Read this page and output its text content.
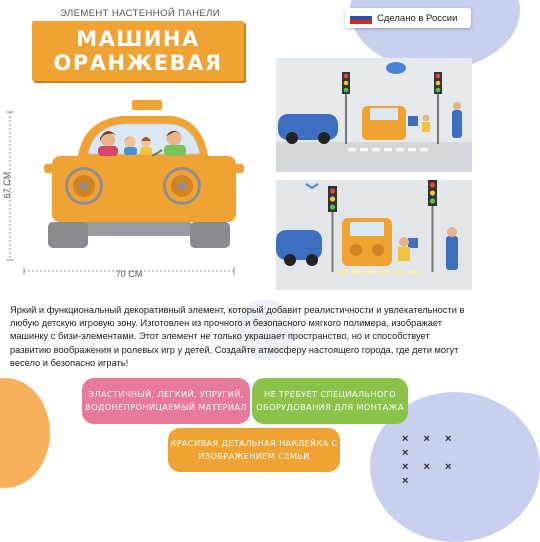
ЭЛЕМЕНТ НАСТЕННОЙ ПАНЕЛИ
МАШИНА
ОРАНЖЕВАЯ
Сделано в России
67 СМ
70 СМ

Яркий и функциональный декоративный элемент, который добавит реалистичности и увлекательности в любую детскую игровую зону. Изготовлен из прочного и безопасного мягкого полимера, изображает машинку с бизи-элементами. Этот элемент не только украшает пространство, но и способствует развитию воображения и ролевых игр у детей. Создайте атмосферу настоящего города, где дети могут весело и безопасно играть!

ЭЛАСТИЧНЫЙ, ЛЕГКИЙ, УПРУГИЙ,
ВОДОНЕПРОНИЦАЕМЫЙ МАТЕРИАЛ
НЕ ТРЕБУЕТ СПЕЦИАЛЬНОГО
ОБОРУДОВАНИЯ ДЛЯ МОНТАЖА
КРАСИВАЯ ДЕТАЛЬНАЯ НАКЛЕЙКА С
ИЗОБРАЖЕНИЕМ СЕМЬИ
× × × ×
× × × ×
